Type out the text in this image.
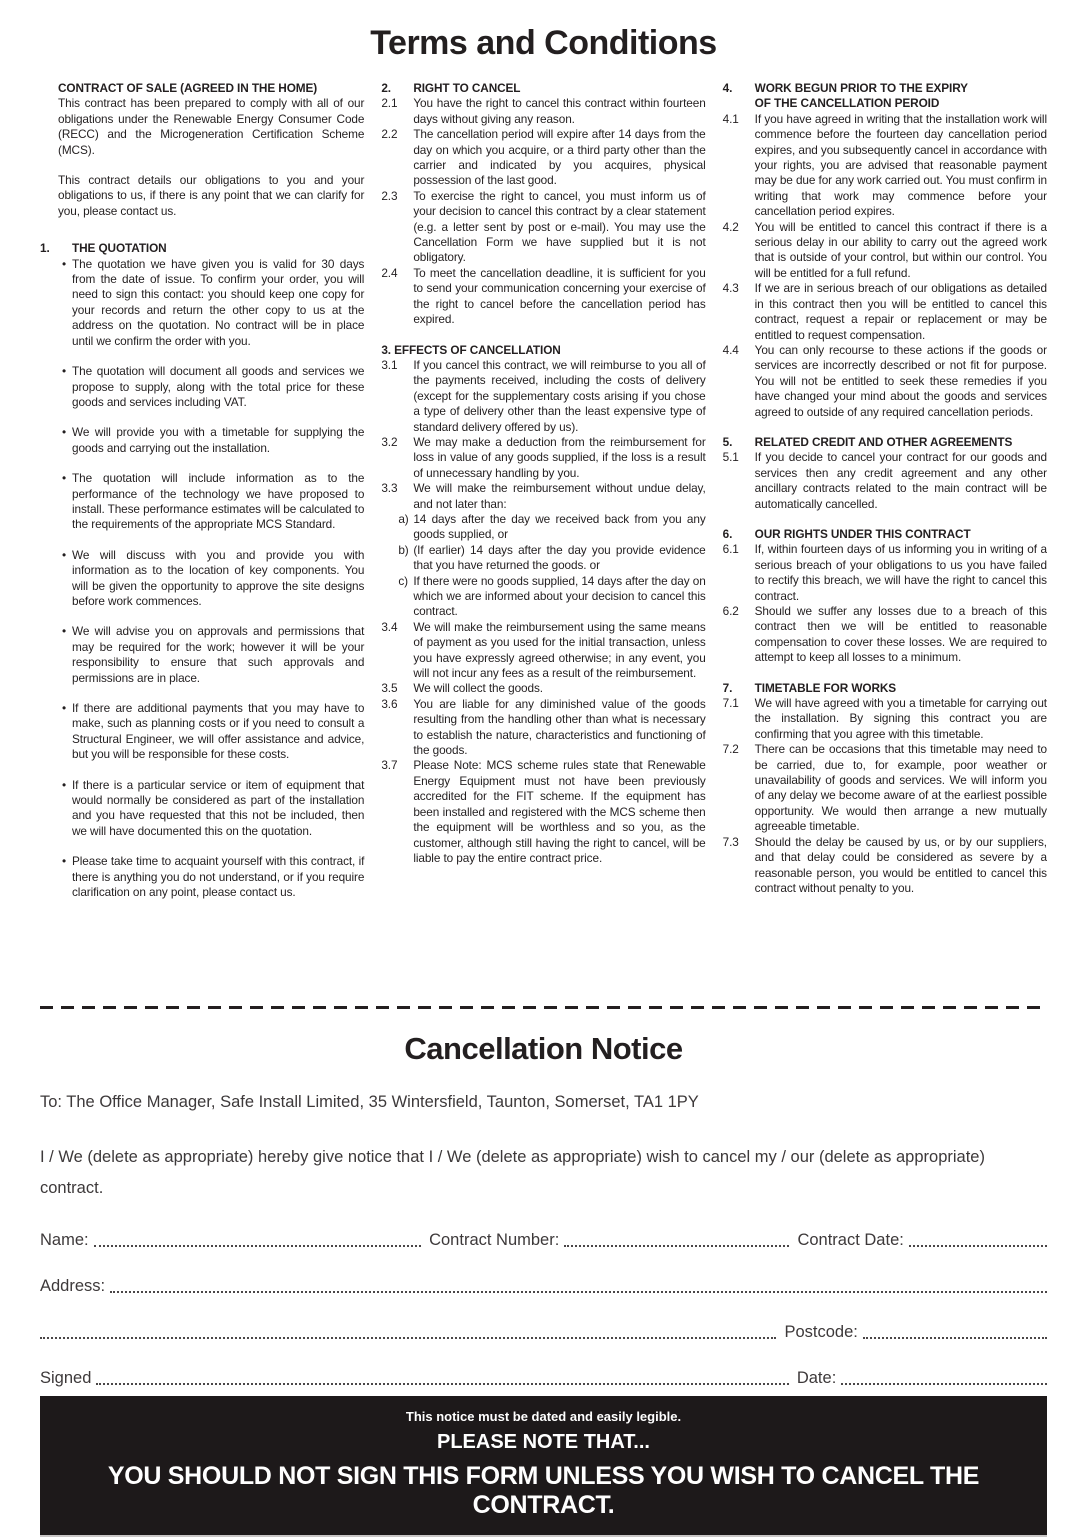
Terms and Conditions
CONTRACT OF SALE (AGREED IN THE HOME)

This contract has been prepared to comply with all of our obligations under the Renewable Energy Consumer Code (RECC) and the Microgeneration Certification Scheme (MCS).

This contract details our obligations to you and your obligations to us, if there is any point that we can clarify for you, please contact us.

1.	THE QUOTATION
• The quotation we have given you is valid for 30 days from the date of issue. To confirm your order, you will need to sign this contact: you should keep one copy for your records and return the other copy to us at the address on the quotation. No contract will be in place until we confirm the order with you.
• The quotation will document all goods and services we propose to supply, along with the total price for these goods and services including VAT.
• We will provide you with a timetable for supplying the goods and carrying out the installation.
• The quotation will include information as to the performance of the technology we have proposed to install. These performance estimates will be calculated to the requirements of the appropriate MCS Standard.
• We will discuss with you and provide you with information as to the location of key components. You will be given the opportunity to approve the site designs before work commences.
• We will advise you on approvals and permissions that may be required for the work; however it will be your responsibility to ensure that such approvals and permissions are in place.
• If there are additional payments that you may have to make, such as planning costs or if you need to consult a Structural Engineer, we will offer assistance and advice, but you will be responsible for these costs.
• If there is a particular service or item of equipment that would normally be considered as part of the installation and you have requested that this not be included, then we will have documented this on the quotation.
• Please take time to acquaint yourself with this contract, if there is anything you do not understand, or if you require clarification on any point, please contact us.
2.	RIGHT TO CANCEL
2.1	You have the right to cancel this contract within fourteen days without giving any reason.
2.2	The cancellation period will expire after 14 days from the day on which you acquire, or a third party other than the carrier and indicated by you acquires, physical possession of the last good.
2.3	To exercise the right to cancel, you must inform us of your decision to cancel this contract by a clear statement (e.g. a letter sent by post or e-mail). You may use the Cancellation Form we have supplied but it is not obligatory.
2.4	To meet the cancellation deadline, it is sufficient for you to send your communication concerning your exercise of the right to cancel before the cancellation period has expired.
3. EFFECTS OF CANCELLATION
3.1	If you cancel this contract, we will reimburse to you all of the payments received, including the costs of delivery (except for the supplementary costs arising if you chose a type of delivery other than the least expensive type of standard delivery offered by us).
3.2	We may make a deduction from the reimbursement for loss in value of any goods supplied, if the loss is a result of unnecessary handling by you.
3.3	We will make the reimbursement without undue delay, and not later than:
a) 14 days after the day we received back from you any goods supplied, or
b) (If earlier) 14 days after the day you provide evidence that you have returned the goods. or
c) If there were no goods supplied, 14 days after the day on which we are informed about your decision to cancel this contract.
3.4	We will make the reimbursement using the same means of payment as you used for the initial transaction, unless you have expressly agreed otherwise; in any event, you will not incur any fees as a result of the reimbursement.
3.5	We will collect the goods.
3.6	You are liable for any diminished value of the goods resulting from the handling other than what is necessary to establish the nature, characteristics and functioning of the goods.
3.7	Please Note: MCS scheme rules state that Renewable Energy Equipment must not have been previously accredited for the FIT scheme. If the equipment has been installed and registered with the MCS scheme then the equipment will be worthless and so you, as the customer, although still having the right to cancel, will be liable to pay the entire contract price.
4.	WORK BEGUN PRIOR TO THE EXPIRY
OF THE CANCELLATION PEROID
4.1	If you have agreed in writing that the installation work will commence before the fourteen day cancellation period expires, and you subsequently cancel in accordance with your rights, you are advised that reasonable payment may be due for any work carried out. You must confirm in writing that work may commence before your cancellation period expires.
4.2	You will be entitled to cancel this contract if there is a serious delay in our ability to carry out the agreed work that is outside of your control, but within our control. You will be entitled for a full refund.
4.3	If we are in serious breach of our obligations as detailed in this contract then you will be entitled to cancel this contract, request a repair or replacement or may be entitled to request compensation.
4.4	You can only recourse to these actions if the goods or services are incorrectly described or not fit for purpose. You will not be entitled to seek these remedies if you have changed your mind about the goods and services agreed to outside of any required cancellation periods.
5.	RELATED CREDIT AND OTHER AGREEMENTS
5.1	If you decide to cancel your contract for our goods and services then any credit agreement and any other ancillary contracts related to the main contract will be automatically cancelled.
6.	OUR RIGHTS UNDER THIS CONTRACT
6.1	If, within fourteen days of us informing you in writing of a serious breach of your obligations to us you have failed to rectify this breach, we will have the right to cancel this contract.
6.2	Should we suffer any losses due to a breach of this contract then we will be entitled to reasonable compensation to cover these losses. We are required to attempt to keep all losses to a minimum.
7.	TIMETABLE FOR WORKS
7.1	We will have agreed with you a timetable for carrying out the installation. By signing this contract you are confirming that you agree with this timetable.
7.2	There can be occasions that this timetable may need to be carried, due to, for example, poor weather or unavailability of goods and services. We will inform you of any delay we become aware of at the earliest possible opportunity. We would then arrange a new mutually agreeable timetable.
7.3	Should the delay be caused by us, or by our suppliers, and that delay could be considered as severe by a reasonable person, you would be entitled to cancel this contract without penalty to you.
Cancellation Notice

To: The Office Manager, Safe Install Limited, 35 Wintersfield, Taunton, Somerset, TA1 1PY

I / We (delete as appropriate) hereby give notice that I / We (delete as appropriate) wish to cancel my / our (delete as appropriate) contract.

Name:	Contract Number:	Contract Date:
Address:
Postcode:
Signed	Date:
This notice must be dated and easily legible.
PLEASE NOTE THAT...
YOU SHOULD NOT SIGN THIS FORM UNLESS YOU WISH TO CANCEL THE CONTRACT.
